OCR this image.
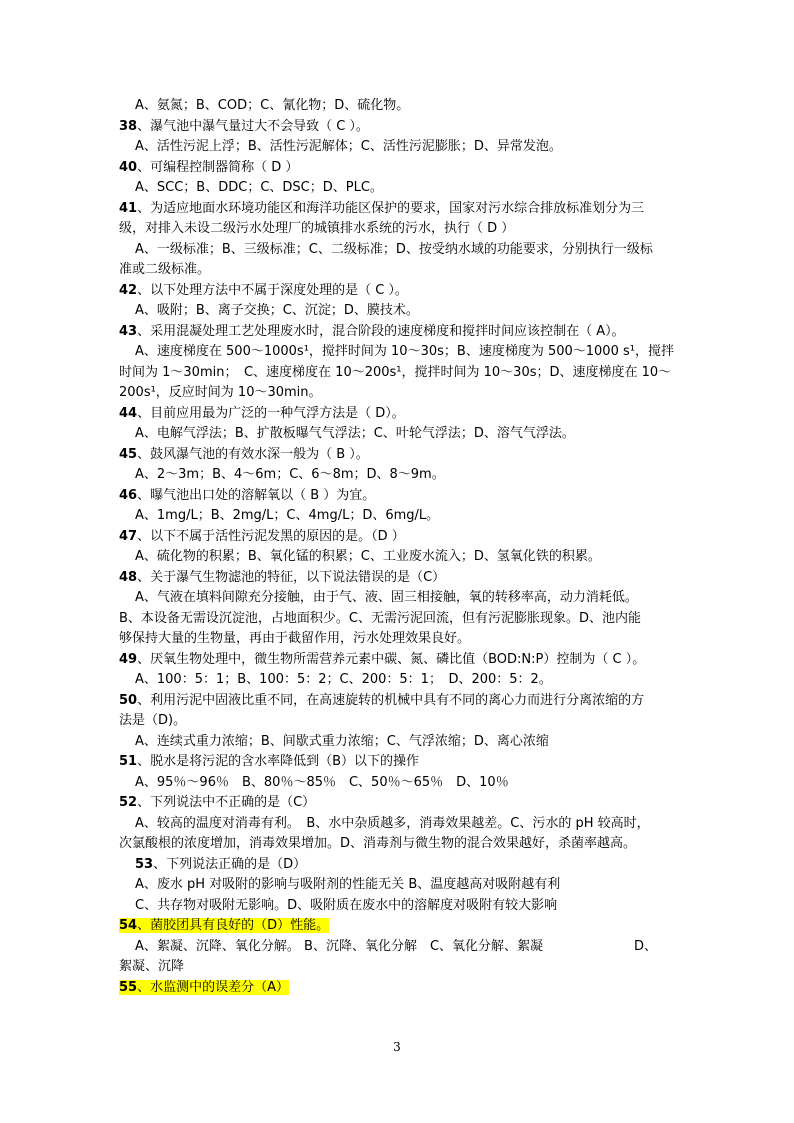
A、氨氮；B、COD；C、氰化物；D、硫化物。
38、瀑气池中瀑气量过大不会导致（ C ）。
A、活性污泥上浮；B、活性污泥解体；C、活性污泥膨胀；D、异常发泡。
40、可编程控制器简称（ D ）
A、SCC；B、DDC；C、DSC；D、PLC。
41、为适应地面水环境功能区和海洋功能区保护的要求，国家对污水综合排放标准划分为三
级，对排入未设二级污水处理厂的城镇排水系统的污水，执行（ D ）
A、一级标准；B、三级标准；C、二级标准；D、按受纳水域的功能要求，分别执行一级标
准或二级标准。
42、以下处理方法中不属于深度处理的是（ C ）。
A、吸附；B、离子交换；C、沉淀；D、膜技术。
43、采用混凝处理工艺处理废水时，混合阶段的速度梯度和搅拌时间应该控制在（ A）。
A、速度梯度在 500～1000s¹，搅拌时间为 10～30s；B、速度梯度为 500～1000 s¹，搅拌
时间为 1～30min；　C、速度梯度在 10～200s¹，搅拌时间为 10～30s；D、速度梯度在 10～
200s¹，反应时间为 10～30min。
44、目前应用最为广泛的一种气浮方法是（ D）。
A、电解气浮法；B、扩散板曝气气浮法；C、叶轮气浮法；D、溶气气浮法。
45、鼓风瀑气池的有效水深一般为（ B ）。
A、2～3m；B、4～6m；C、6～8m；D、8～9m。
46、曝气池出口处的溶解氧以（ B ）为宜。
A、1mg/L；B、2mg/L；C、4mg/L；D、6mg/L。
47、以下不属于活性污泥发黑的原因的是。（D ）
A、硫化物的积累；B、氧化锰的积累；C、工业废水流入；D、氢氧化铁的积累。
48、关于瀑气生物滤池的特征，以下说法错误的是（C）
A、气液在填料间隙充分接触，由于气、液、固三相接触，氧的转移率高，动力消耗低。
B、本设备无需设沉淀池，占地面积少。C、无需污泥回流，但有污泥膨胀现象。D、池内能
够保持大量的生物量，再由于截留作用，污水处理效果良好。
49、厌氧生物处理中，微生物所需营养元素中碳、氮、磷比值（BOD:N:P）控制为（ C ）。
A、100：5：1；B、100：5：2；C、200：5：1；　D、200：5：2。
50、利用污泥中固液比重不同，在高速旋转的机械中具有不同的离心力而进行分离浓缩的方
法是（D)。
A、连续式重力浓缩；B、间歇式重力浓缩；C、气浮浓缩；D、离心浓缩
51、脱水是将污泥的含水率降低到（B）以下的操作
A、95％～96％　B、80％～85％　C、50％～65％　D、10％
52、下列说法中不正确的是（C）
A、较高的温度对消毒有利。　B、水中杂质越多，消毒效果越差。C、污水的 pH 较高时，
次氯酸根的浓度增加，消毒效果增加。D、消毒剂与微生物的混合效果越好，杀菌率越高。
53、下列说法正确的是（D）
A、废水 pH 对吸附的影响与吸附剂的性能无关 B、温度越高对吸附越有利
C、共存物对吸附无影响。D、吸附质在废水中的溶解度对吸附有较大影响
54、菌胶团具有良好的（D）性能。
A、絮凝、沉降、氧化分解。 B、沉降、氧化分解　C、氧化分解、絮凝　　　　　　　D、
絮凝、沉降
55、水监测中的误差分（A）
3
